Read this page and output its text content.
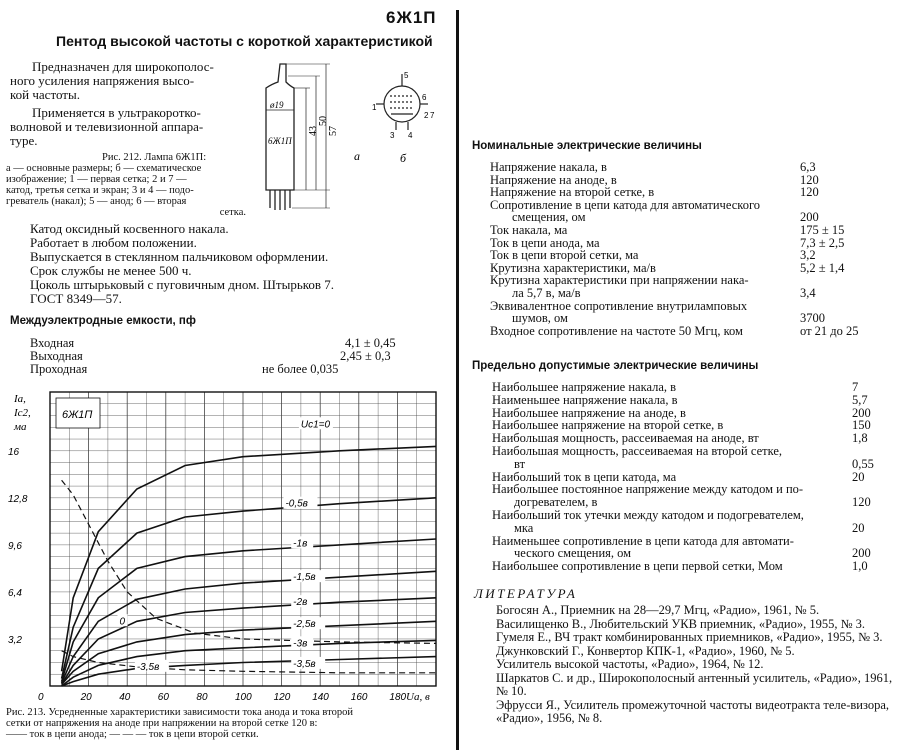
6Ж1П
Пентод высокой частоты с короткой характеристикой
Предназначен для широкополос-
ного усиления напряжения высо-
кой частоты.
Применяется в ультракоротко-
волновой и телевизионной аппара-
туре.
ø19
6Ж1П
43
50
57
а
5
1
6
2 7
3 4
б
Рис. 212. Лампа 6Ж1П:
а — основные размеры; б — схематическое
изображение; 1 — первая сетка; 2 и 7 —
катод, третья сетка и экран; 3 и 4 — подо-
греватель (накал); 5 — анод; 6 — вторая
сетка.
Катод оксидный косвенного накала.
Работает в любом положении.
Выпускается в стеклянном пальчиковом оформлении.
Срок службы не менее 500 ч.
Цоколь штырьковый с пуговичным дном. Штырьков 7.
ГОСТ 8349—57.
Междуэлектродные емкости, пф
Входная	4,1 ± 0,45
Выходная	2,45 ± 0,3
Проходная	не более 0,035
0	20	40	60	80	100 120 140 160 180
3,2
6,4
9,6
12,8
16
Ia,
Ic2,
ма
Ua, в
6Ж1П
Uc1=0
-0,5в
-1в
-1,5в
-2в
-2,5в
-3в
-3,5в	-3,5в
0
Рис. 213. Усредненные характеристики зависимости тока анода и тока второй
сетки от напряжения на аноде при напряжении на второй сетке 120 в:
—— ток в цепи анода; — — — ток в цепи второй сетки.
Номинальные электрические величины
Напряжение накала, в	6,3
Напряжение на аноде, в	120
Напряжение на второй сетке, в	120
Сопротивление в цепи катода для автоматического
смещения, ом	200
Ток накала, ма	175 ± 15
Ток в цепи анода, ма	7,3 ± 2,5
Ток в цепи второй сетки, ма	3,2
Крутизна характеристики, ма/в	5,2 ± 1,4
Крутизна характеристики при напряжении нака-
ла 5,7 в, ма/в	3,4
Эквивалентное сопротивление внутриламповых
шумов, ом	3700
Входное сопротивление на частоте 50 Мгц, ком	от 21 до 25
Предельно допустимые электрические величины
Наибольшее напряжение накала, в	7
Наименьшее напряжение накала, в	5,7
Наибольшее напряжение на аноде, в	200
Наибольшее напряжение на второй сетке, в	150
Наибольшая мощность, рассеиваемая на аноде, вт	1,8
Наибольшая мощность, рассеиваемая на второй сетке,
вт	0,55
Наибольший ток в цепи катода, ма	20
Наибольшее постоянное напряжение между катодом и по-
догревателем, в	120
Наибольший ток утечки между катодом и подогревателем,
мка	20
Наименьшее сопротивление в цепи катода для автомати-
ческого смещения, ом	200
Наибольшее сопротивление в цепи первой сетки, Мом	1,0
ЛИТЕРАТУРА

Богосян А., Приемник на 28—29,7 Мгц, «Радио», 1961, № 5.

Василищенко В., Любительский УКВ приемник, «Радио», 1955, № 3.

Гумеля Е., ВЧ тракт комбинированных приемников, «Радио», 1955, № 3.

Джунковский Г., Конвертор КПК-1, «Радио», 1960, № 5.

Усилитель высокой частоты, «Радио», 1964, № 12.

Шаркатов С. и др., Широкополосный антенный усилитель, «Радио», 1961, № 10.

Эфрусси Я., Усилитель промежуточной частоты видеотракта теле-визора, «Радио», 1956, № 8.
